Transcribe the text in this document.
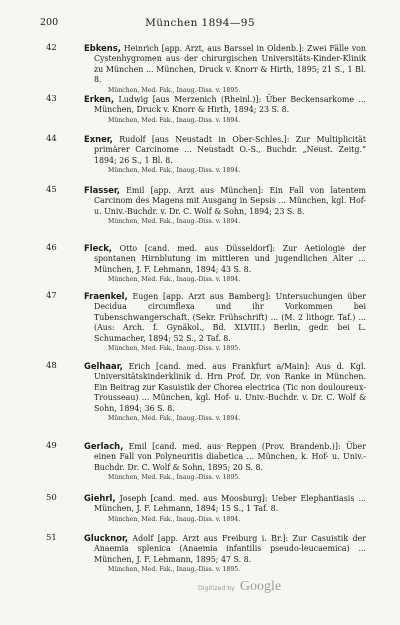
200	München 1894—95
42	Ebkens, Heinrich [app. Arzt, aus Barssel in Oldenb.]: Zwei Fälle von Cystenhygromen aus der chirurgischen Universitäts-Kinder-Klinik zu München ... München, Druck v. Knorr & Hirth, 1895; 21 S., 1 Bl. 8.
München, Med. Fak., Inaug.-Diss. v. 1895.
43	Erken, Ludwig [aus Merzenich (Rheinl.)]: Über Beckensarkome ... München, Druck v. Knorr & Hirth, 1894; 23 S. 8.
München, Med. Fak., Inaug.-Diss. v. 1894.
44	Exner, Rudolf [aus Neustadt in Ober-Schles.]: Zur Multiplicität primärer Carcinome ... Neustadt O.-S., Buchdr. „Neust. Zeitg.“ 1894; 26 S., 1 Bl. 8.
München, Med. Fak., Inaug.-Diss. v. 1894.
45	Flasser, Emil [app. Arzt aus München]: Ein Fall von latentem Carcinom des Magens mit Ausgang in Sepsis ... München, kgl. Hof- u. Univ.-Buchdr. v. Dr. C. Wolf & Sohn, 1894; 23 S. 8.
München, Med. Fak., Inaug.-Diss. v. 1894.
46	Fleck, Otto [cand. med. aus Düsseldorf]: Zur Aetiologie der spontanen Hirnblutung im mittleren und jugendlichen Alter ... München, J. F. Lehmann, 1894; 43 S. 8.
München, Med. Fak., Inaug.-Diss. v. 1894.
47	Fraenkel, Eugen [app. Arzt aus Bamberg]: Untersuchungen über Decidua circumflexa und ihr Vorkommen bei Tubenschwangerschaft. (Sekr. Frühschrift) ... (M. 2 lithogr. Taf.) ... (Aus: Arch. f. Gynäkol., Bd. XLVIII.) Berlin, gedr. bei L. Schumacher, 1894; 52 S., 2 Taf. 8.
München, Med. Fak., Inaug.-Diss. v. 1895.
48	Gelhaar, Erich [cand. med. aus Frankfurt a/Main]: Aus d. Kgl. Universitätskinderklinik d. Hrn Prof. Dr. von Ranke in München. Ein Beitrag zur Kasuistik der Chorea electrica (Tic non douloureux-Trousseau) ... München, kgl. Hof- u. Univ.-Buchdr. v. Dr. C. Wolf & Sohn, 1894; 36 S. 8.
München, Med. Fak., Inaug.-Diss. v. 1894.
49	Gerlach, Emil [cand. med. aus Reppen (Prov. Brandenb.)]: Über einen Fall von Polyneuritis diabetica ... München, k. Hof- u. Univ.-Buchdr. Dr. C. Wolf & Sohn, 1895; 20 S. 8.
München, Med. Fak., Inaug.-Diss. v. 1895.
50	Giehrl, Joseph [cand. med. aus Moosburg]: Ueber Elephantiasis ... München, J. F. Lehmann, 1894; 15 S., 1 Taf. 8.
München, Med. Fak., Inaug.-Diss. v. 1894.
51	Glucknor, Adolf [app. Arzt aus Freiburg i. Br.]: Zur Casuistik der Anaemia splenica (Anaemia infantilis pseudo-leucaemica) ... München, J. F. Lehmann, 1895; 47 S. 8.
München, Med. Fak., Inaug.-Diss. v. 1895.
Digitized by Google
